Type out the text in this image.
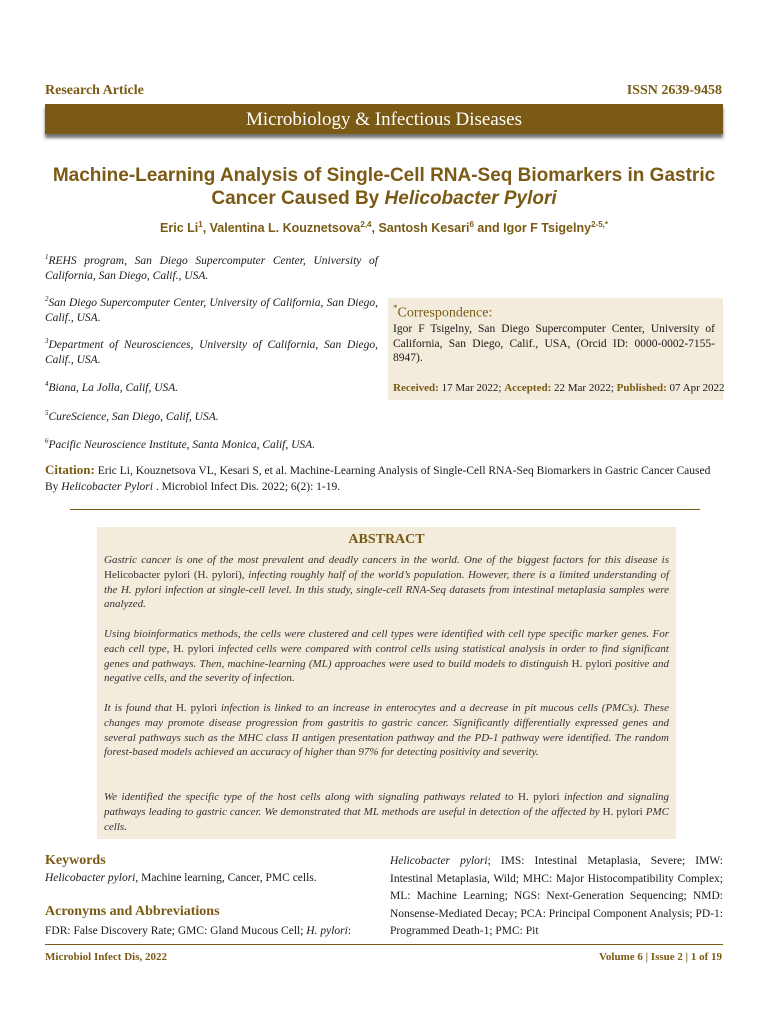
Research Article	ISSN 2639-9458
Microbiology & Infectious Diseases
Machine-Learning Analysis of Single-Cell RNA-Seq Biomarkers in Gastric Cancer Caused By Helicobacter Pylori
Eric Li$^1$, Valentina L. Kouznetsova$^{2,4}$, Santosh Kesari$^6$ and Igor F Tsigelny$^{2-5,*}$
$^1$REHS program, San Diego Supercomputer Center, University of California, San Diego, Calif., USA.
$^2$San Diego Supercomputer Center, University of California, San Diego, Calif., USA.
$^3$Department of Neurosciences, University of California, San Diego, Calif., USA.
$^4$Biana, La Jolla, Calif, USA.
$^5$CureScience, San Diego, Calif, USA.
$^6$Pacific Neuroscience Institute, Santa Monica, Calif, USA.
*Correspondence:
Igor F Tsigelny, San Diego Supercomputer Center, University of California, San Diego, Calif., USA, (Orcid ID: 0000-0002-7155-8947).
Received: 17 Mar 2022; Accepted: 22 Mar 2022; Published: 07 Apr 2022
Citation: Eric Li, Kouznetsova VL, Kesari S, et al. Machine-Learning Analysis of Single-Cell RNA-Seq Biomarkers in Gastric Cancer Caused By Helicobacter Pylori . Microbiol Infect Dis. 2022; 6(2): 1-19.
ABSTRACT
Gastric cancer is one of the most prevalent and deadly cancers in the world. One of the biggest factors for this disease is Helicobacter pylori (H. pylori), infecting roughly half of the world’s population. However, there is a limited understanding of the H. pylori infection at single-cell level. In this study, single-cell RNA-Seq datasets from intestinal metaplasia samples were analyzed.
Using bioinformatics methods, the cells were clustered and cell types were identified with cell type specific marker genes. For each cell type, H. pylori infected cells were compared with control cells using statistical analysis in order to find significant genes and pathways. Then, machine-learning (ML) approaches were used to build models to distinguish H. pylori positive and negative cells, and the severity of infection.
It is found that H. pylori infection is linked to an increase in enterocytes and a decrease in pit mucous cells (PMCs). These changes may promote disease progression from gastritis to gastric cancer. Significantly differentially expressed genes and several pathways such as the MHC class II antigen presentation pathway and the PD-1 pathway were identified. The random forest-based models achieved an accuracy of higher than 97% for detecting positivity and severity.
We identified the specific type of the host cells along with signaling pathways related to H. pylori infection and signaling pathways leading to gastric cancer. We demonstrated that ML methods are useful in detection of the affected by H. pylori PMC cells.
Keywords
Helicobacter pylori, Machine learning, Cancer, PMC cells.
Acronyms and Abbreviations
FDR: False Discovery Rate; GMC: Gland Mucous Cell; H. pylori:
Helicobacter pylori; IMS: Intestinal Metaplasia, Severe; IMW: Intestinal Metaplasia, Wild; MHC: Major Histocompatibility Complex; ML: Machine Learning; NGS: Next-Generation Sequencing; NMD: Nonsense-Mediated Decay; PCA: Principal Component Analysis; PD-1: Programmed Death-1; PMC: Pit
Microbiol Infect Dis, 2022	Volume 6 | Issue 2 | 1 of 19
